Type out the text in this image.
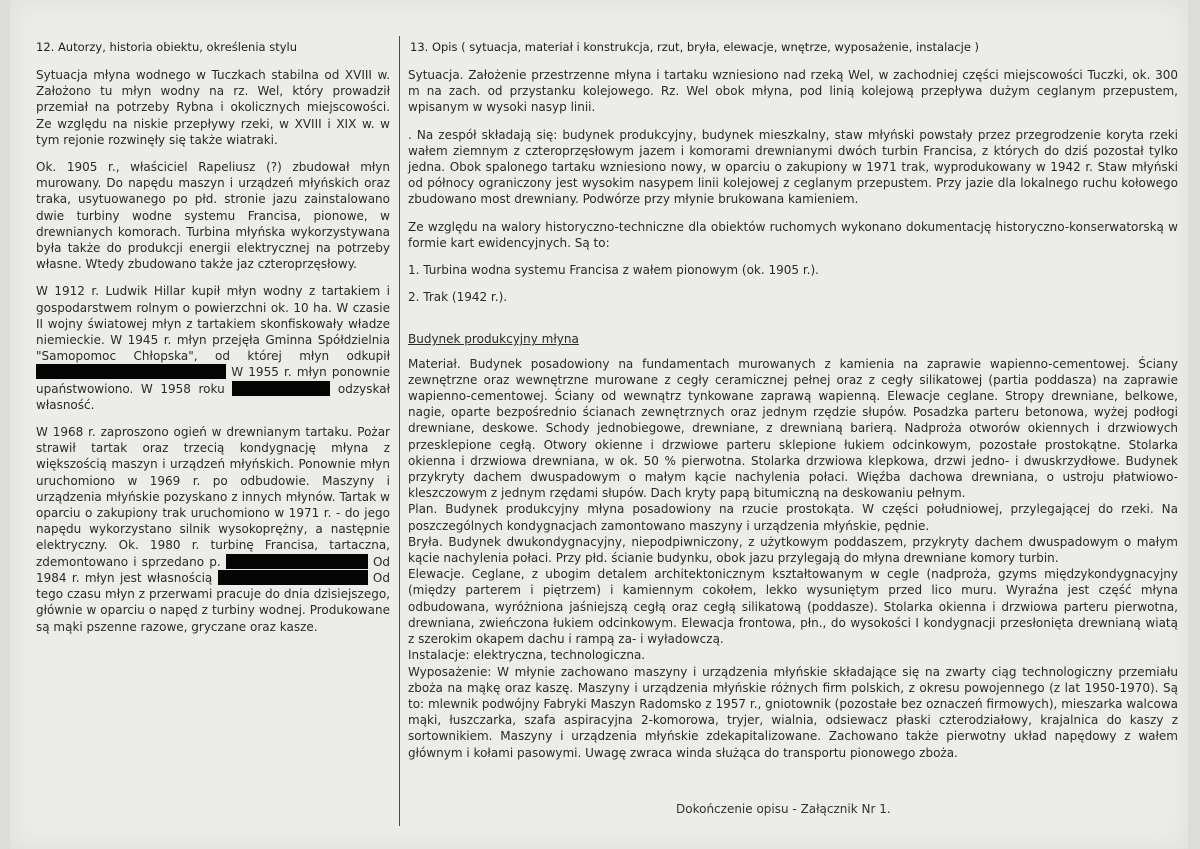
12. Autorzy, historia obiektu, określenia stylu

Sytuacja młyna wodnego w Tuczkach stabilna od XVIII w. Założono tu młyn wodny na rz. Wel, który prowadził przemiał na potrzeby Rybna i okolicznych miejscowości. Ze względu na niskie przepływy rzeki, w XVIII i XIX w. w tym rejonie rozwinęły się także wiatraki.

Ok. 1905 r., właściciel Rapeliusz (?) zbudował młyn murowany. Do napędu maszyn i urządzeń młyńskich oraz traka, usytuowanego po płd. stronie jazu zainstalowano dwie turbiny wodne systemu Francisa, pionowe, w drewnianych komorach. Turbina młyńska wykorzystywana była także do produkcji energii elektrycznej na potrzeby własne. Wtedy zbudowano także jaz czteroprzęsłowy.

W 1912 r. Ludwik Hillar kupił młyn wodny z tartakiem i gospodarstwem rolnym o powierzchni ok. 10 ha. W czasie II wojny światowej młyn z tartakiem skonfiskowały władze niemieckie. W 1945 r. młyn przejęła Gminna Spółdzielnia "Samopomoc Chłopska", od której młyn odkupił  W 1955 r. młyn ponownie upaństwowiono. W 1958 roku	odzyskał własność.

W 1968 r. zaproszono ogień w drewnianym tartaku. Pożar strawił tartak oraz trzecią kondygnację młyna z większością maszyn i urządzeń młyńskich. Ponownie młyn uruchomiono w 1969 r. po odbudowie. Maszyny i urządzenia młyńskie pozyskano z innych młynów. Tartak w oparciu o zakupiony trak uruchomiono w 1971 r. - do jego napędu wykorzystano silnik wysokoprężny, a następnie elektryczny. Ok. 1980 r. turbinę Francisa, tartaczna, zdemontowano i sprzedano p.	Od 1984 r. młyn jest własnością	Od tego czasu młyn z przerwami pracuje do dnia dzisiejszego, głównie w oparciu o napęd z turbiny wodnej. Produkowane są mąki pszenne razowe, gryczane oraz kasze.

13. Opis ( sytuacja, materiał i konstrukcja, rzut, bryła, elewacje, wnętrze, wyposażenie, instalacje )

Sytuacja. Założenie przestrzenne młyna i tartaku wzniesiono nad rzeką Wel, w zachodniej części miejscowości Tuczki, ok. 300 m na zach. od przystanku kolejowego. Rz. Wel obok młyna, pod linią kolejową przepływa dużym ceglanym przepustem, wpisanym w wysoki nasyp linii.

. Na zespół składają się: budynek produkcyjny, budynek mieszkalny, staw młyński powstały przez przegrodzenie koryta rzeki wałem ziemnym z czteroprzęsłowym jazem i komorami drewnianymi dwóch turbin Francisa, z których do dziś pozostał tylko jedna. Obok spalonego tartaku wzniesiono nowy, w oparciu o zakupiony w 1971 trak, wyprodukowany w 1942 r. Staw młyński od północy ograniczony jest wysokim nasypem linii kolejowej z ceglanym przepustem. Przy jazie dla lokalnego ruchu kołowego zbudowano most drewniany. Podwórze przy młynie brukowana kamieniem.

Ze względu na walory historyczno-techniczne dla obiektów ruchomych wykonano dokumentację historyczno-konserwatorską w formie kart ewidencyjnych. Są to:

1. Turbina wodna systemu Francisa z wałem pionowym (ok. 1905 r.).

2. Trak (1942 r.).

Budynek produkcyjny młyna

Materiał. Budynek posadowiony na fundamentach murowanych z kamienia na zaprawie wapienno-cementowej. Ściany zewnętrzne oraz wewnętrzne murowane z cegły ceramicznej pełnej oraz z cegły silikatowej (partia poddasza) na zaprawie wapienno-cementowej. Ściany od wewnątrz tynkowane zaprawą wapienną. Elewacje ceglane. Stropy drewniane, belkowe, nagie, oparte bezpośrednio ścianach zewnętrznych oraz jednym rzędzie słupów. Posadzka parteru betonowa, wyżej podłogi drewniane, deskowe. Schody jednobiegowe, drewniane, z drewnianą barierą. Nadproża otworów okiennych i drzwiowych przesklepione cegłą. Otwory okienne i drzwiowe parteru sklepione łukiem odcinkowym, pozostałe prostokątne. Stolarka okienna i drzwiowa drewniana, w ok. 50 % pierwotna. Stolarka drzwiowa klepkowa, drzwi jedno- i dwuskrzydłowe. Budynek przykryty dachem dwuspadowym o małym kącie nachylenia połaci. Więźba dachowa drewniana, o ustroju płatwiowo-kleszczowym z jednym rzędami słupów. Dach kryty papą bitumiczną na deskowaniu pełnym.

Plan. Budynek produkcyjny młyna posadowiony na rzucie prostokąta. W części południowej, przylegającej do rzeki. Na poszczególnych kondygnacjach zamontowano maszyny i urządzenia młyńskie, pędnie.

Bryła. Budynek dwukondygnacyjny, niepodpiwniczony, z użytkowym poddaszem, przykryty dachem dwuspadowym o małym kącie nachylenia połaci. Przy płd. ścianie budynku, obok jazu przylegają do młyna drewniane komory turbin.

Elewacje. Ceglane, z ubogim detalem architektonicznym kształtowanym w cegle (nadproża, gzyms międzykondygnacyjny (między parterem i piętrzem) i kamiennym cokołem, lekko wysuniętym przed lico muru. Wyraźna jest część młyna odbudowana, wyróżniona jaśniejszą cegłą oraz cegłą silikatową (poddasze). Stolarka okienna i drzwiowa parteru pierwotna, drewniana, zwieńczona łukiem odcinkowym. Elewacja frontowa, płn., do wysokości I kondygnacji przesłonięta drewnianą wiatą z szerokim okapem dachu i rampą za- i wyładowczą.

Instalacje: elektryczna, technologiczna.

Wyposażenie: W młynie zachowano maszyny i urządzenia młyńskie składające się na zwarty ciąg technologiczny przemiału zboża na mąkę oraz kaszę. Maszyny i urządzenia młyńskie różnych firm polskich, z okresu powojennego (z lat 1950-1970). Są to: mlewnik podwójny Fabryki Maszyn Radomsko z 1957 r., gniotownik (pozostałe bez oznaczeń firmowych), mieszarka walcowa mąki, łuszczarka, szafa aspiracyjna 2-komorowa, tryjer, wialnia, odsiewacz płaski czterodziałowy, krajalnica do kaszy z sortownikiem. Maszyny i urządzenia młyńskie zdekapitalizowane. Zachowano także pierwotny układ napędowy z wałem głównym i kołami pasowymi. Uwagę zwraca winda służąca do transportu pionowego zboża.

Dokończenie opisu - Załącznik Nr 1.
